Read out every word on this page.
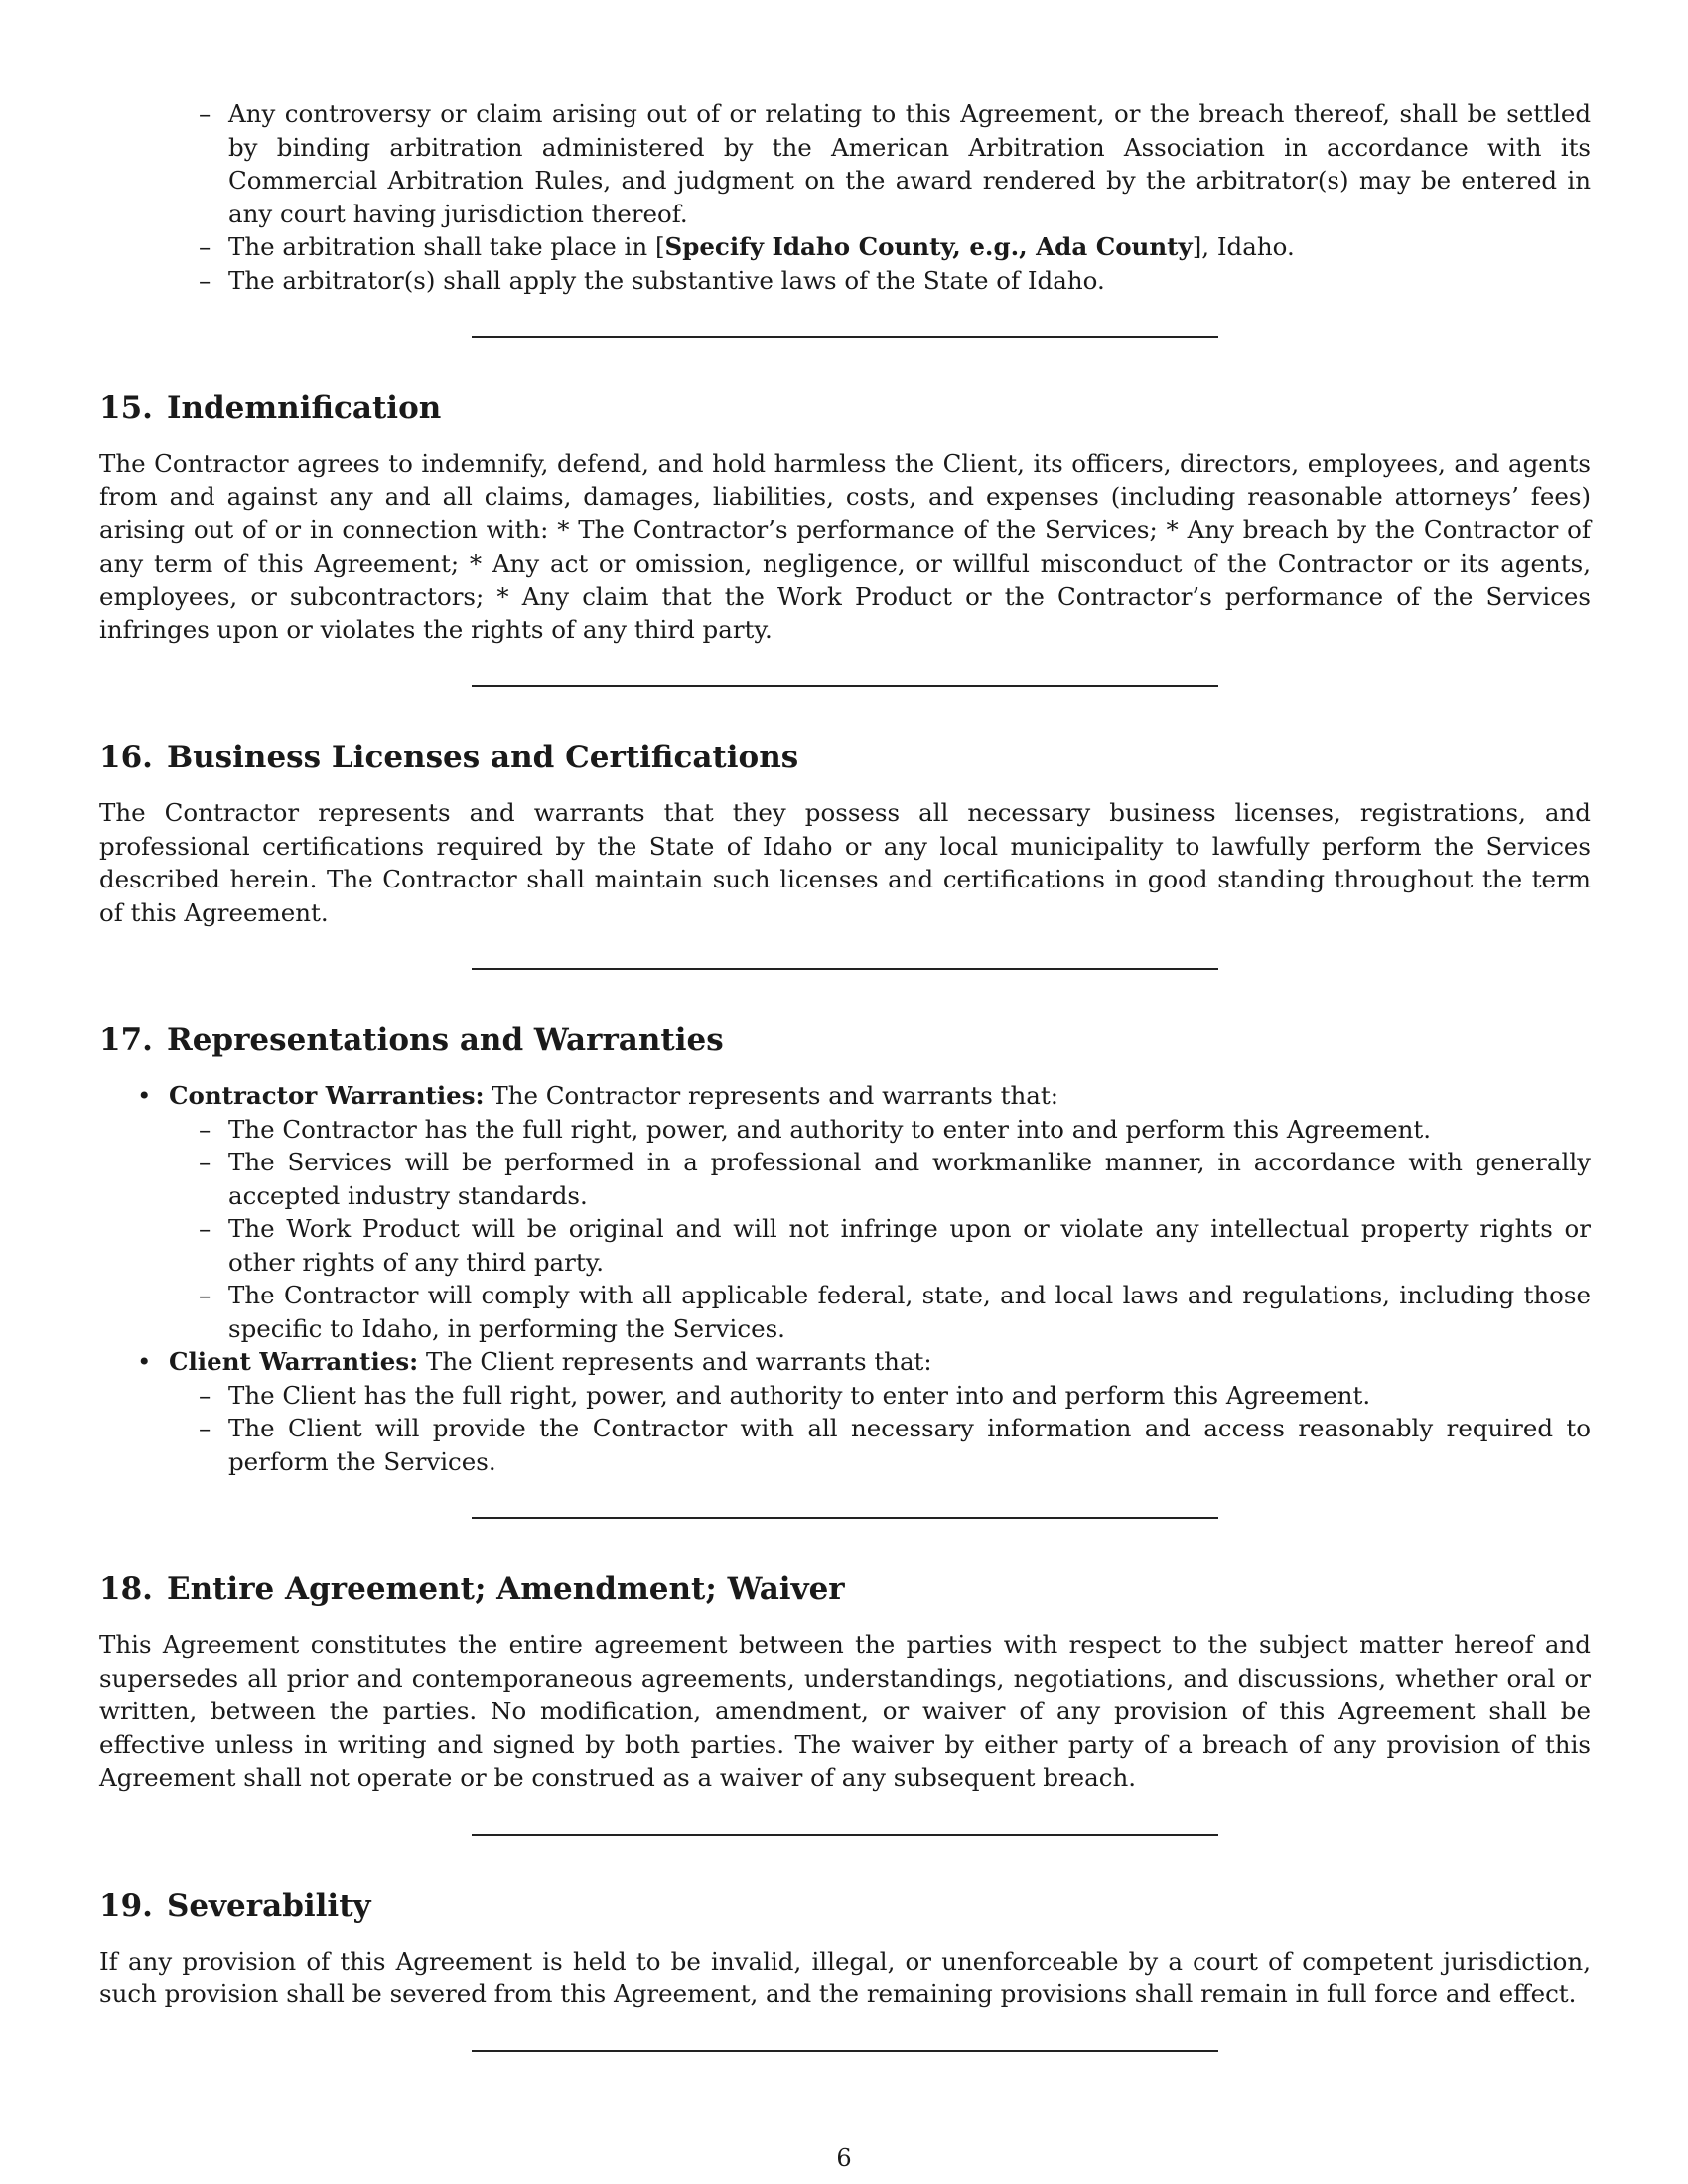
– Any controversy or claim arising out of or relating to this Agreement, or the breach thereof, shall be settled by binding arbitration administered by the American Arbitration Association in accordance with its Commercial Arbitration Rules, and judgment on the award rendered by the arbitrator(s) may be entered in any court having jurisdiction thereof.
– The arbitration shall take place in [Specify Idaho County, e.g., Ada County], Idaho.
– The arbitrator(s) shall apply the substantive laws of the State of Idaho.
15. Indemnification

The Contractor agrees to indemnify, defend, and hold harmless the Client, its officers, directors, employees, and agents from and against any and all claims, damages, liabilities, costs, and expenses (including reasonable attorneys’ fees) arising out of or in connection with: * The Contractor’s performance of the Services; * Any breach by the Contractor of any term of this Agreement; * Any act or omission, negligence, or willful misconduct of the Contractor or its agents, employees, or subcontractors; * Any claim that the Work Product or the Contractor’s performance of the Services infringes upon or violates the rights of any third party.

16. Business Licenses and Certifications

The Contractor represents and warrants that they possess all necessary business licenses, registrations, and professional certifications required by the State of Idaho or any local municipality to lawfully perform the Services described herein. The Contractor shall maintain such licenses and certifications in good standing throughout the term of this Agreement.

17. Representations and Warranties
• Contractor Warranties: The Contractor represents and warrants that:
– The Contractor has the full right, power, and authority to enter into and perform this Agreement.
– The Services will be performed in a professional and workmanlike manner, in accordance with generally accepted industry standards.
– The Work Product will be original and will not infringe upon or violate any intellectual property rights or other rights of any third party.
– The Contractor will comply with all applicable federal, state, and local laws and regulations, including those specific to Idaho, in performing the Services.
• Client Warranties: The Client represents and warrants that:
– The Client has the full right, power, and authority to enter into and perform this Agreement.
– The Client will provide the Contractor with all necessary information and access reasonably required to perform the Services.
18. Entire Agreement; Amendment; Waiver

This Agreement constitutes the entire agreement between the parties with respect to the subject matter hereof and supersedes all prior and contemporaneous agreements, understandings, negotiations, and discussions, whether oral or written, between the parties. No modification, amendment, or waiver of any provision of this Agreement shall be effective unless in writing and signed by both parties. The waiver by either party of a breach of any provision of this Agreement shall not operate or be construed as a waiver of any subsequent breach.

19. Severability

If any provision of this Agreement is held to be invalid, illegal, or unenforceable by a court of competent jurisdiction, such provision shall be severed from this Agreement, and the remaining provisions shall remain in full force and effect.

6
